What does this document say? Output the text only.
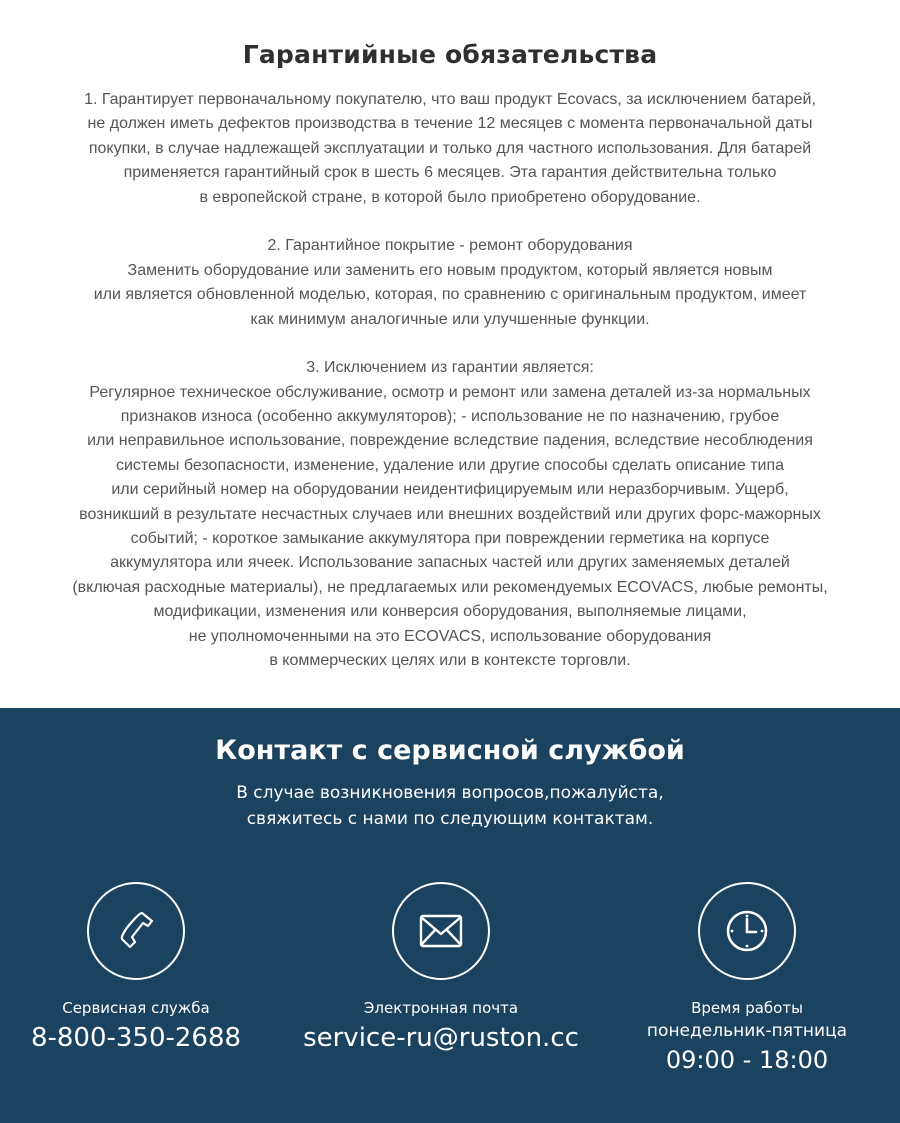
Гарантийные обязательства
1. Гарантирует первоначальному покупателю, что ваш продукт Ecovacs, за исключением батарей,
не должен иметь дефектов производства в течение 12 месяцев с момента первоначальной даты
покупки, в случае надлежащей эксплуатации и только для частного использования. Для батарей
применяется гарантийный срок в шесть 6 месяцев. Эта гарантия действительна только
в европейской стране, в которой было приобретено оборудование.
2. Гарантийное покрытие - ремонт оборудования
Заменить оборудование или заменить его новым продуктом, который является новым
или является обновленной моделью, которая, по сравнению с оригинальным продуктом, имеет
как минимум аналогичные или улучшенные функции.
3. Исключением из гарантии является:
Регулярное техническое обслуживание, осмотр и ремонт или замена деталей из-за нормальных
признаков износа (особенно аккумуляторов); - использование не по назначению, грубое
или неправильное использование, повреждение вследствие падения, вследствие несоблюдения
системы безопасности, изменение, удаление или другие способы сделать описание типа
или серийный номер на оборудовании неидентифицируемым или неразборчивым. Ущерб,
возникший в результате несчастных случаев или внешних воздействий или других форс-мажорных
событий; - короткое замыкание аккумулятора при повреждении герметика на корпусе
аккумулятора или ячеек. Использование запасных частей или других заменяемых деталей
(включая расходные материалы), не предлагаемых или рекомендуемых ECOVACS, любые ремонты,
модификации, изменения или конверсия оборудования, выполняемые лицами,
не уполномоченными на это ECOVACS, использование оборудования
в коммерческих целях или в контексте торговли.
Контакт с сервисной службой
В случае возникновения вопросов,пожалуйста,
свяжитесь с нами по следующим контактам.
Сервисная служба
8-800-350-2688
Электронная почта
service-ru@ruston.cc
Время работы
понедельник-пятница
09:00 - 18:00
